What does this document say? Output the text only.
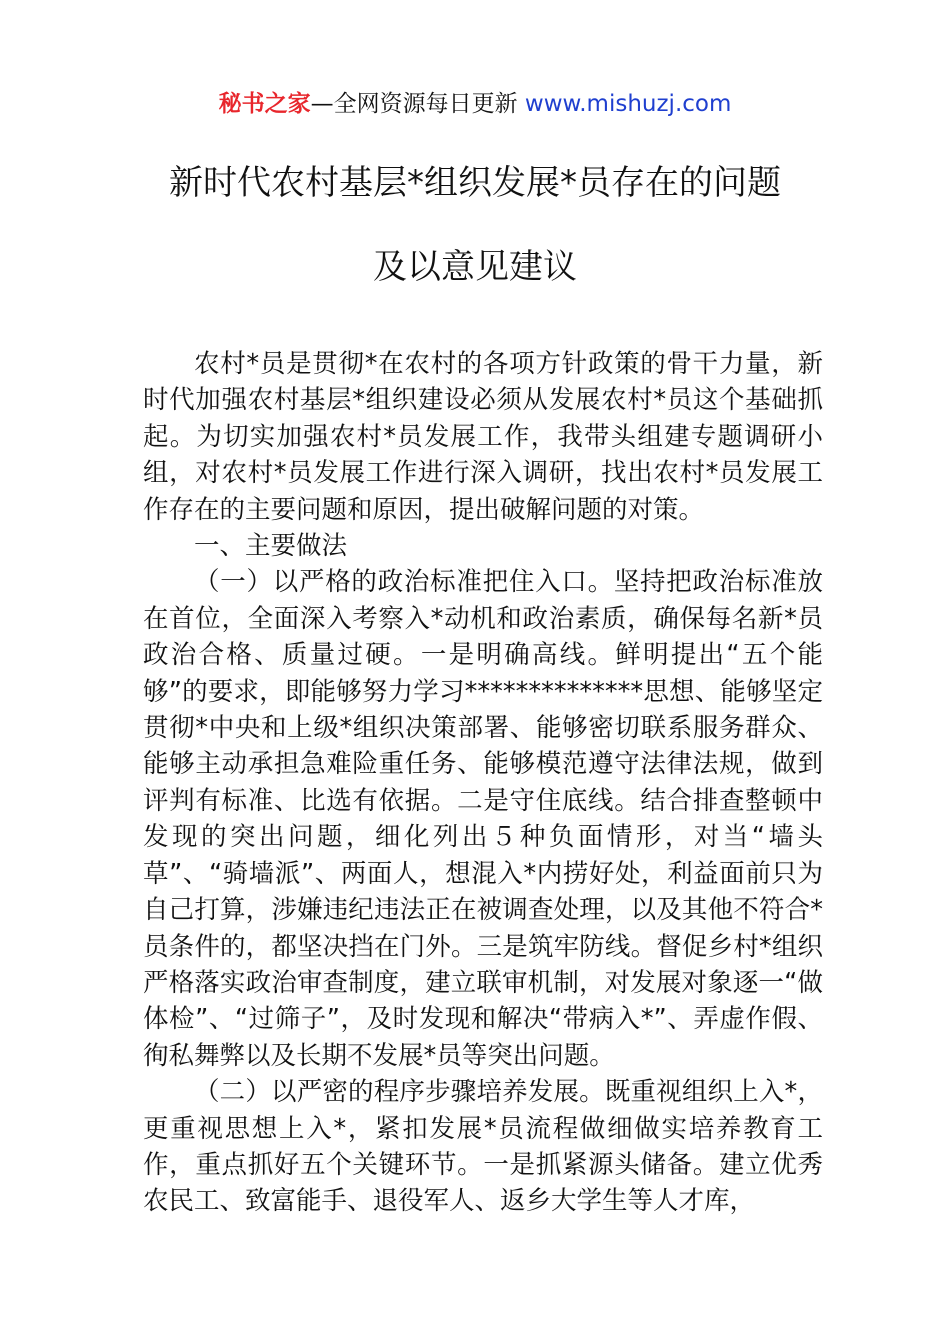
秘书之家—全网资源每日更新 www.mishuzj.com
新时代农村基层*组织发展*员存在的问题
及以意见建议

农村*员是贯彻*在农村的各项方针政策的骨干力量，新时代加强农村基层*组织建设必须从发展农村*员这个基础抓起。为切实加强农村*员发展工作，我带头组建专题调研小组，对农村*员发展工作进行深入调研，找出农村*员发展工作存在的主要问题和原因，提出破解问题的对策。

一、主要做法

（一）以严格的政治标准把住入口。坚持把政治标准放在首位，全面深入考察入*动机和政治素质，确保每名新*员政治合格、质量过硬。一是明确高线。鲜明提出“五个能够”的要求，即能够努力学习**************思想、能够坚定贯彻*中央和上级*组织决策部署、能够密切联系服务群众、能够主动承担急难险重任务、能够模范遵守法律法规，做到评判有标准、比选有依据。二是守住底线。结合排查整顿中发现的突出问题，细化列出５种负面情形，对当“墙头草”、“骑墙派”、两面人，想混入*内捞好处，利益面前只为自己打算，涉嫌违纪违法正在被调查处理，以及其他不符合*员条件的，都坚决挡在门外。三是筑牢防线。督促乡村*组织严格落实政治审查制度，建立联审机制，对发展对象逐一“做体检”、“过筛子”，及时发现和解决“带病入*”、弄虚作假、徇私舞弊以及长期不发展*员等突出问题。

（二）以严密的程序步骤培养发展。既重视组织上入*，更重视思想上入*，紧扣发展*员流程做细做实培养教育工作，重点抓好五个关键环节。一是抓紧源头储备。建立优秀农民工、致富能手、退役军人、返乡大学生等人才库，
